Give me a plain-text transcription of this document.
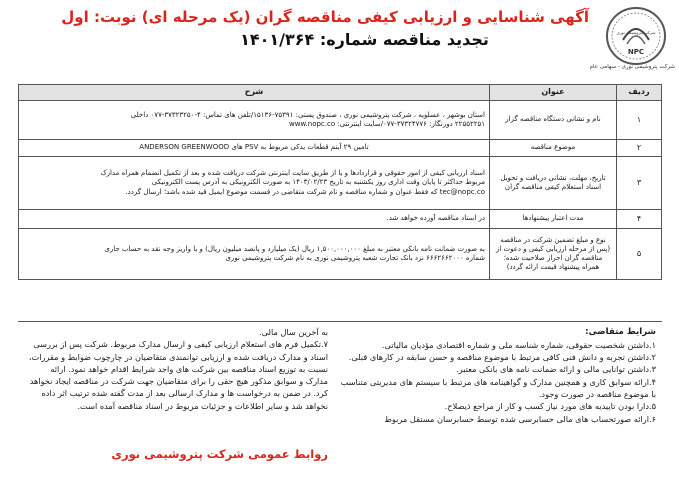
NPC
شرکت پتروشیمی نوری
شرکت پتروشیمی نوری - سهامی عام
آگهی شناسایی و ارزیابی کیفی مناقصه گران (یک مرحله ای) نوبت: اول
تجدید مناقصه شماره: ۱۴۰۱/۳۶۴
ردیف	عنوان	شرح
۱	نام و نشانی دستگاه مناقصه گزار	استان بوشهر ، عسلویه ، شرکت پتروشیمی نوری ، صندوق پستی: ۷۵۳۹۱-۱۵۱۳۶/تلفن های تماس: ۴-۳۷۳۲۳۲۵۰-۰۷۷ داخلی
۲۲۵۵۲۲۵۱ دورنگار: ۳۷۳۲۴۷۷۶-۰۷۷/سایت اینترنتی: www.nopc.co

۲	موضوع مناقصه	تامین ۲۹ آیتم قطعات یدکی مربوط به PSV های ANDERSON GREENWOOD

۳	تاریخ، مهلت، نشانی دریافت و تحویل اسناد استعلام کیفی مناقصه گران	اسناد ارزیابی کیفی از امور حقوقی و قراردادها و یا از طریق سایت اینترنتی شرکت دریافت شده و بعد از تکمیل انضمام همراه مدارک
مربوط حداکثر تا پایان وقت اداری روز یکشنبه به تاریخ ۱۴۰۳/۰۲/۲۳ به صورت الکترونیکی به آدرس پست الکترونیکی
tec@nopc.co که فقط عنوان و شماره مناقصه و نام شرکت متقاضی در قسمت موضوع ایمیل قید شده باشد؛ ارسال گردد.

۴	مدت اعتبار پیشنهادها	در اسناد مناقصه آورده خواهد شد.

۵	نوع و مبلغ تضمین شرکت در مناقصه (پس از مرحله ارزیابی کیفی و دعوت از مناقصه گران احراز صلاحیت شده؛ همراه پیشنهاد قیمت ارائه گردد)	به صورت ضمانت نامه بانکی معتبر به مبلغ ۱,۵۰۰,۰۰۰,۰۰۰ ریال (یک میلیارد و پانصد میلیون ریال) و یا واریز وجه نقد به حساب جاری
شماره ۶۶۶۲۶۶۲۰۰۰ نزد بانک تجارت شعبه پتروشیمی نوری به نام شرکت پتروشیمی نوری
شرایط متقاضی:

۱.داشتن شخصیت حقوقی، شماره شناسه ملی و شماره اقتصادی مؤدیان مالیاتی.

۲.داشتن تجربه و دانش فنی کافی مرتبط با موضوع مناقصه و حسن سابقه در کارهای قبلی.

۳.داشتن توانایی مالی و ارائه ضمانت نامه های بانکی معتبر.

۴.ارائه سوابق کاری و همچنین مدارک و گواهینامه های مرتبط با سیستم های مدیریتی متناسب با موضوع مناقصه در صورت وجود.

۵.دارا بودن تاییدیه های مورد نیاز کسب و کار از مراجع ذیصلاح.

۶.ارائه صورتحساب های مالی حسابرسی شده توسط حسابرسان مستقل مربوط

به آخرین سال مالی.

۷.تکمیل فرم های استعلام ارزیابی کیفی و ارسال مدارک مربوط. شرکت پس از بررسی اسناد و مدارک دریافت شده و ارزیابی توانمندی متقاضیان در چارچوب ضوابط و مقررات، نسبت به توزیع اسناد مناقصه بین شرکت های واجد شرایط اقدام خواهد نمود. ارائه مدارک و سوابق مذکور هیچ حقی را برای متقاضیان جهت شرکت در مناقصه ایجاد نخواهد کرد. در ضمن به درخواست ها و مدارک ارسالی بعد از مدت گفته شده ترتیب اثر داده نخواهد شد و سایر اطلاعات و جزئیات مربوط در اسناد مناقصه آمده است.

روابط عمومی شرکت پتروشیمی نوری
